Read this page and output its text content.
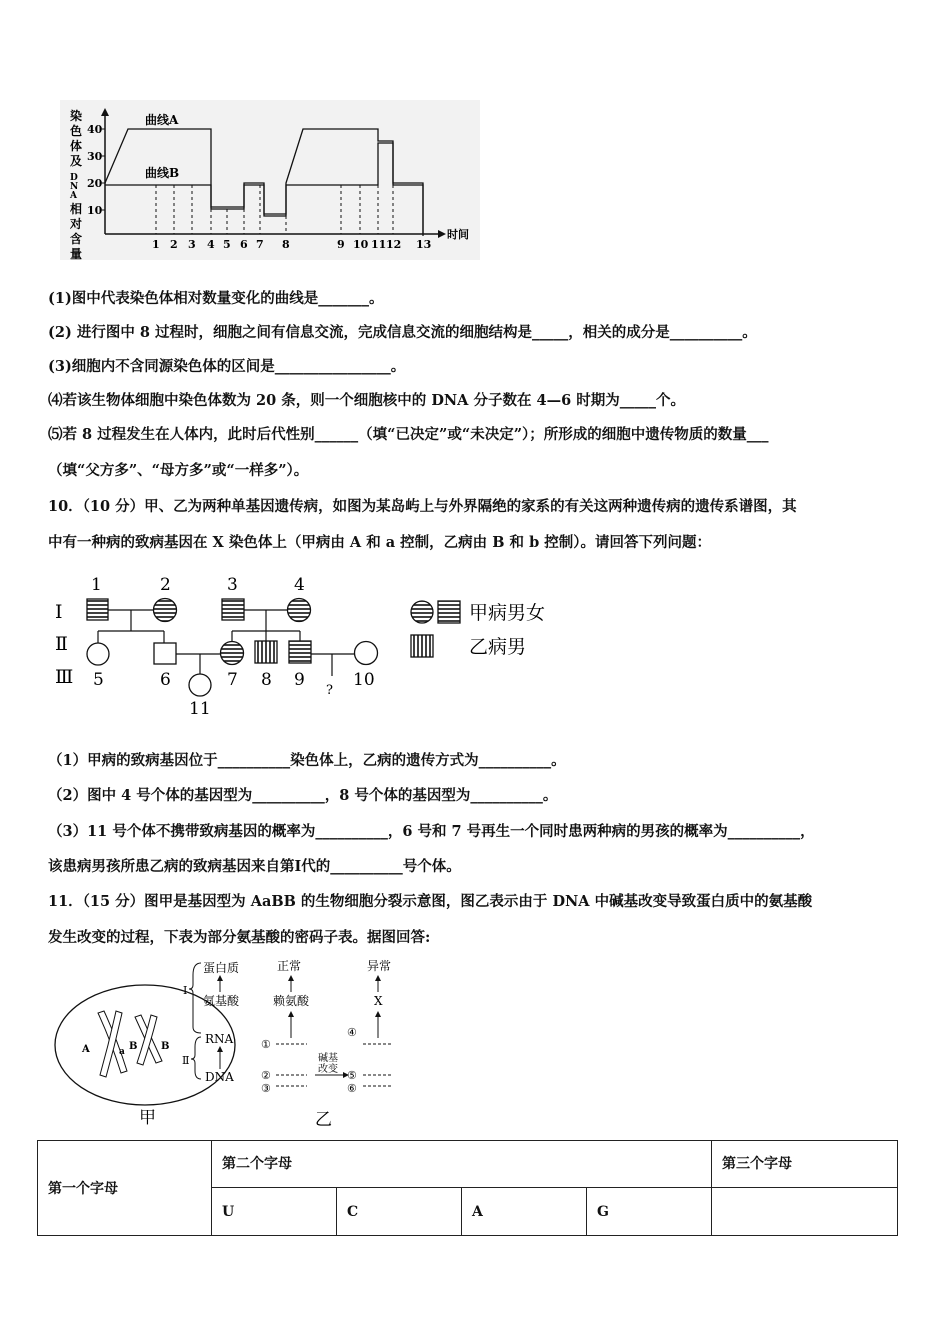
染
色
体
及
D
N
A
相
对
含
量
40
30
20
10
1 2 3 4 5 6 7 8	9 10 11 12 13
时间
曲线A
曲线B
(1)图中代表染色体相对数量变化的曲线是_______。
(2) 进行图中 8 过程时，细胞之间有信息交流，完成信息交流的细胞结构是_____，相关的成分是__________。
(3)细胞内不含同源染色体的区间是________________。
⑷若该生物体细胞中染色体数为 20 条，则一个细胞核中的 DNA 分子数在 4—6 时期为_____个。
⑸若 8 过程发生在人体内，此时后代性别______（填“已决定”或“未决定”）；所形成的细胞中遗传物质的数量___
（填“父方多”、“母方多”或“一样多”）。
10．（10 分）甲、乙为两种单基因遗传病，如图为某岛屿上与外界隔绝的家系的有关这两种遗传病的遗传系谱图，其
中有一种病的致病基因在 X 染色体上（甲病由 A 和 a 控制，乙病由 B 和 b 控制）。请回答下列问题：
Ⅰ
Ⅱ
Ⅲ
1	2	3	4
5	6	7 8 9	10
11
?
甲病男女
乙病男
（1）甲病的致病基因位于__________染色体上，乙病的遗传方式为__________。
（2）图中 4 号个体的基因型为__________，8 号个体的基因型为__________。
（3）11 号个体不携带致病基因的概率为__________，6 号和 7 号再生一个同时患两种病的男孩的概率为__________，
该患病男孩所患乙病的致病基因来自第Ⅰ代的__________号个体。
11．（15 分）图甲是基因型为 AaBB 的生物细胞分裂示意图，图乙表示由于 DNA 中碱基改变导致蛋白质中的氨基酸
发生改变的过程，下表为部分氨基酸的密码子表。据图回答:
A	a B B
甲
蛋白质
氨基酸
RNA
DNA
Ⅰ
Ⅱ
正常	异常
赖氨酸	X
①
②
③
④
⑤
⑥
碱基
改变
乙
第一个字母	第二个字母				第三个字母
	U	C	A	G	
